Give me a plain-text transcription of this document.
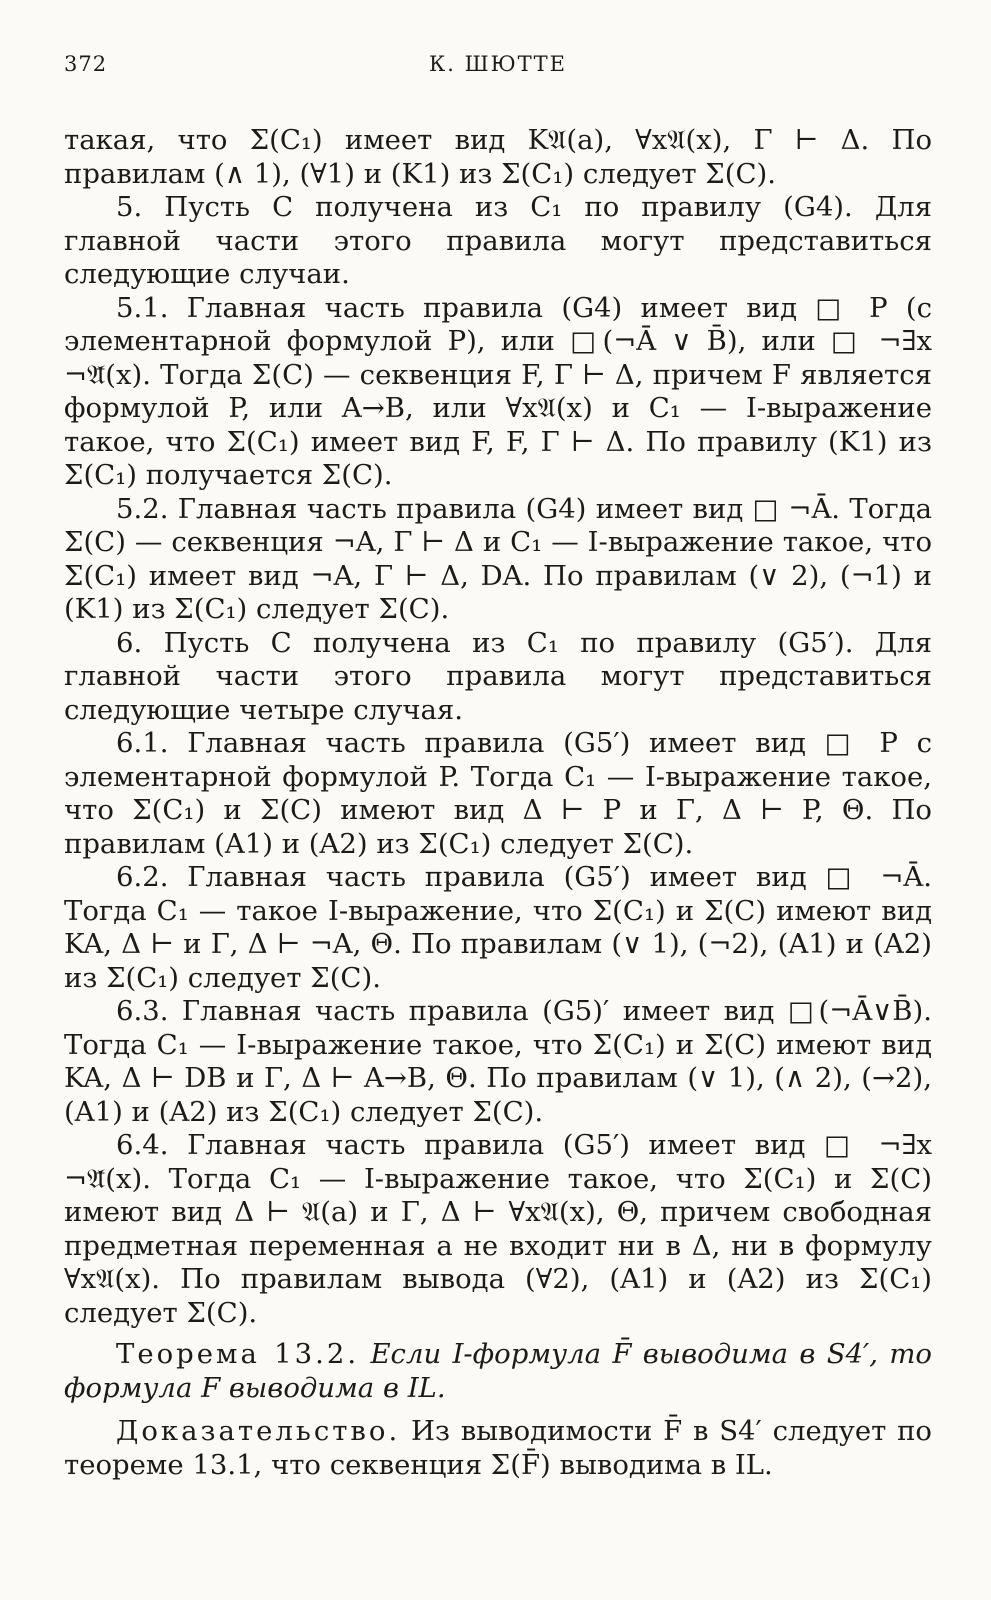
372	К. ШЮТТЕ

такая, что Σ(C₁) имеет вид K𝔄(a), ∀x𝔄(x), Γ ⊢ Δ. По правилам (∧ 1), (∀1) и (K1) из Σ(C₁) следует Σ(C).

5. Пусть C получена из C₁ по правилу (G4). Для главной части этого правила могут представиться следующие случаи.

5.1. Главная часть правила (G4) имеет вид □ P (с элементарной формулой P), или □(¬Ā ∨ B̄), или □ ¬∃x ¬𝔄̄(x). Тогда Σ(C) — секвенция F, Γ ⊢ Δ, причем F является формулой P, или A→B, или ∀x𝔄(x) и C₁ — I-выражение такое, что Σ(C₁) имеет вид F, F, Γ ⊢ Δ. По правилу (K1) из Σ(C₁) получается Σ(C).

5.2. Главная часть правила (G4) имеет вид □ ¬Ā. Тогда Σ(C) — секвенция ¬A, Γ ⊢ Δ и C₁ — I-выражение такое, что Σ(C₁) имеет вид ¬A, Γ ⊢ Δ, DA. По правилам (∨ 2), (¬1) и (K1) из Σ(C₁) следует Σ(C).

6. Пусть C получена из C₁ по правилу (G5′). Для главной части этого правила могут представиться следующие четыре случая.

6.1. Главная часть правила (G5′) имеет вид □ P с элементарной формулой P. Тогда C₁ — I-выражение такое, что Σ(C₁) и Σ(C) имеют вид Δ ⊢ P и Γ, Δ ⊢ P, Θ. По правилам (A1) и (A2) из Σ(C₁) следует Σ(C).

6.2. Главная часть правила (G5′) имеет вид □ ¬Ā. Тогда C₁ — такое I-выражение, что Σ(C₁) и Σ(C) имеют вид KA, Δ ⊢ и Γ, Δ ⊢ ¬A, Θ. По правилам (∨ 1), (¬2), (A1) и (A2) из Σ(C₁) следует Σ(C).

6.3. Главная часть правила (G5)′ имеет вид □(¬Ā∨B̄). Тогда C₁ — I-выражение такое, что Σ(C₁) и Σ(C) имеют вид KA, Δ ⊢ DB и Γ, Δ ⊢ A→B, Θ. По правилам (∨ 1), (∧ 2), (→2), (A1) и (A2) из Σ(C₁) следует Σ(C).

6.4. Главная часть правила (G5′) имеет вид □ ¬∃x ¬𝔄̄(x). Тогда C₁ — I-выражение такое, что Σ(C₁) и Σ(C) имеют вид Δ ⊢ 𝔄(a) и Γ, Δ ⊢ ∀x𝔄(x), Θ, причем свободная предметная переменная a не входит ни в Δ, ни в формулу ∀x𝔄(x). По правилам вывода (∀2), (A1) и (A2) из Σ(C₁) следует Σ(C).

Теорема 13.2. Если I-формула F̄ выводима в S4′, то формула F выводима в IL.

Доказательство. Из выводимости F̄ в S4′ следует по теореме 13.1, что секвенция Σ(F̄) выводима в IL.
